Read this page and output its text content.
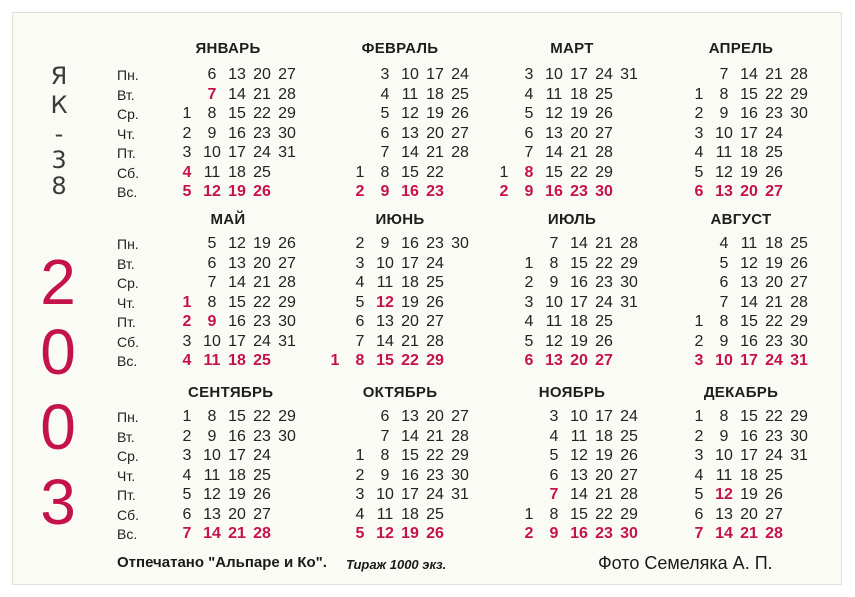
Я
К
-
3
8
2
0
0
3
Пн.
Вт.
Ср.
Чт.
Пт.
Сб.
Вс.
Пн.
Вт.
Ср.
Чт.
Пт.
Сб.
Вс.
Пн.
Вт.
Ср.
Чт.
Пт.
Сб.
Вс.
ЯНВАРЬ
1
2
3
4
5
6
7
8
9
10
11
12
13
14
15
16
17
18
19
20
21
22
23
24
25
26
27
28
29
30
31
ФЕВРАЛЬ
1
2
3
4
5
6
7
8
9
10
11
12
13
14
15
16
17
18
19
20
21
22
23
24
25
26
27
28
МАРТ
1
2
3
4
5
6
7
8
9
10
11
12
13
14
15
16
17
18
19
20
21
22
23
24
25
26
27
28
29
30
31
АПРЕЛЬ
1
2
3
4
5
6
7
8
9
10
11
12
13
14
15
16
17
18
19
20
21
22
23
24
25
26
27
28
29
30
МАЙ
1
2
3
4
5
6
7
8
9
10
11
12
13
14
15
16
17
18
19
20
21
22
23
24
25
26
27
28
29
30
31
ИЮНЬ
1
2
3
4
5
6
7
8
9
10
11
12
13
14
15
16
17
18
19
20
21
22
23
24
25
26
27
28
29
30
ИЮЛЬ
1
2
3
4
5
6
7
8
9
10
11
12
13
14
15
16
17
18
19
20
21
22
23
24
25
26
27
28
29
30
31
АВГУСТ
1
2
3
4
5
6
7
8
9
10
11
12
13
14
15
16
17
18
19
20
21
22
23
24
25
26
27
28
29
30
31
СЕНТЯБРЬ
1
2
3
4
5
6
7
8
9
10
11
12
13
14
15
16
17
18
19
20
21
22
23
24
25
26
27
28
29
30
ОКТЯБРЬ
1
2
3
4
5
6
7
8
9
10
11
12
13
14
15
16
17
18
19
20
21
22
23
24
25
26
27
28
29
30
31
НОЯБРЬ
1
2
3
4
5
6
7
8
9
10
11
12
13
14
15
16
17
18
19
20
21
22
23
24
25
26
27
28
29
30
ДЕКАБРЬ
1
2
3
4
5
6
7
8
9
10
11
12
13
14
15
16
17
18
19
20
21
22
23
24
25
26
27
28
29
30
31
Отпечатано "Альпаре и Ко". Тираж 1000 экз.	Фото Семеляка А. П.
